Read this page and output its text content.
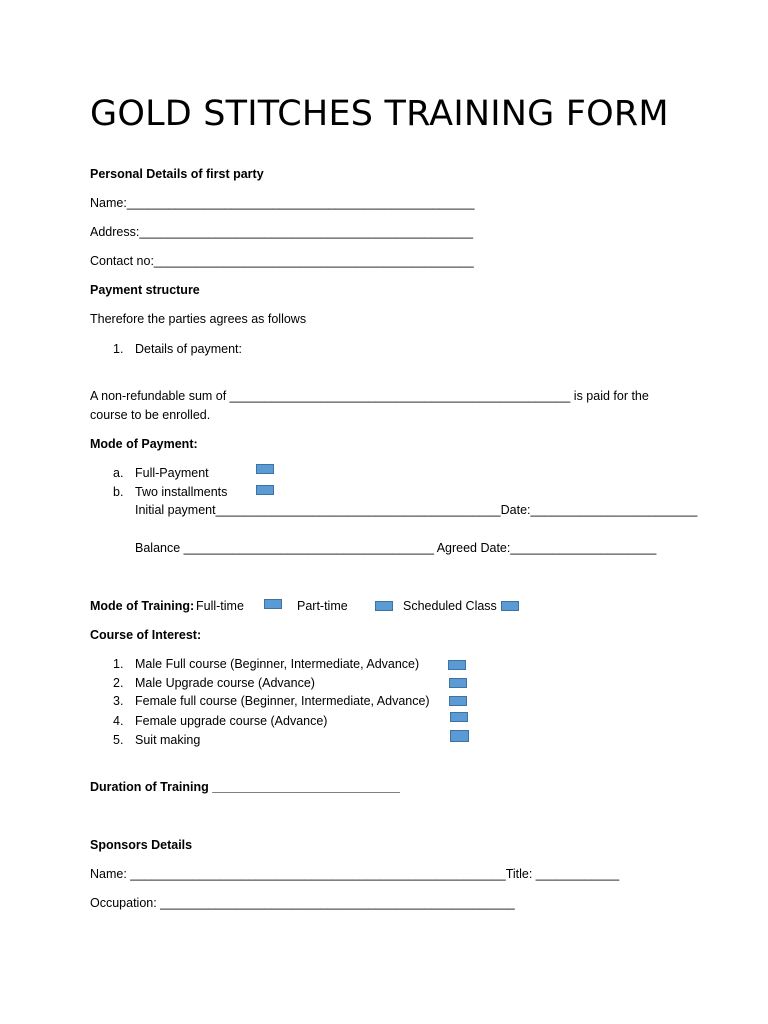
GOLD STITCHES TRAINING FORM
Personal Details of first party
Name:__________________________________________________
Address:________________________________________________
Contact no:______________________________________________
Payment structure
Therefore the parties agrees as follows
1. Details of payment:
A non-refundable sum of _________________________________________________ is paid for the course to be enrolled.
Mode of Payment:
a. Full-Payment
b. Two installments
Initial payment_________________________________________Date:________________________
Balance ____________________________________ Agreed Date:_____________________
Mode of Training: Full-time	Part-time	Scheduled Class
Course of Interest:
1. Male Full course (Beginner, Intermediate, Advance)
2. Male Upgrade course (Advance)
3. Female full course (Beginner, Intermediate, Advance)
4. Female upgrade course (Advance)
5. Suit making
Duration of Training ___________________________
Sponsors Details
Name: ______________________________________________________Title: ____________
Occupation: ___________________________________________________
